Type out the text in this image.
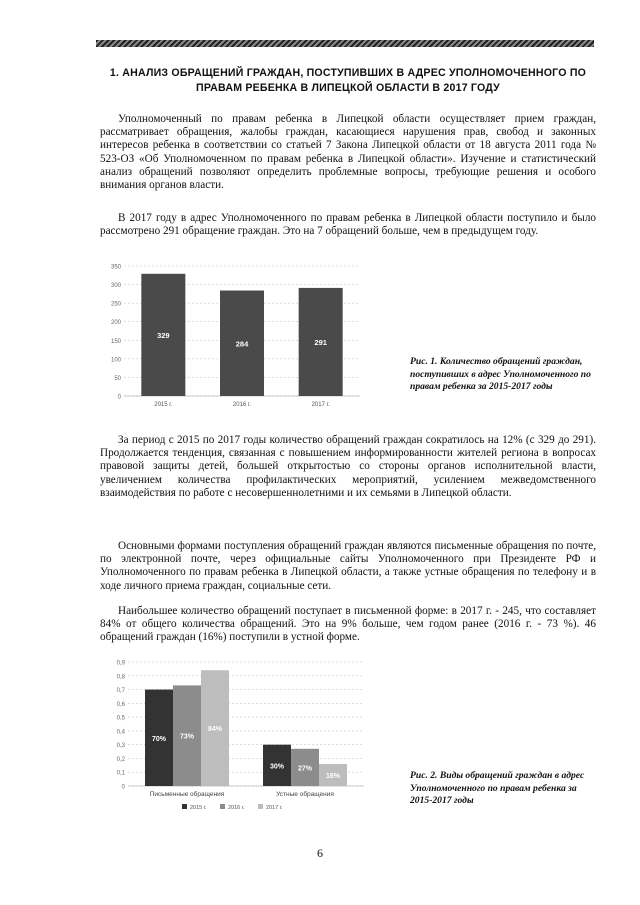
1. АНАЛИЗ ОБРАЩЕНИЙ ГРАЖДАН, ПОСТУПИВШИХ В АДРЕС УПОЛНОМОЧЕННОГО ПО ПРАВАМ РЕБЕНКА В ЛИПЕЦКОЙ ОБЛАСТИ В 2017 ГОДУ

Уполномоченный по правам ребенка в Липецкой области осуществляет прием граждан, рассматривает обращения, жалобы граждан, касающиеся нарушения прав, свобод и законных интересов ребенка в соответствии со статьей 7 Закона Липецкой области от 18 августа 2011 года № 523-ОЗ «Об Уполномоченном по правам ребенка в Липецкой области». Изучение и статистический анализ обращений позволяют определить проблемные вопросы, требующие решения и особого внимания органов власти.

В 2017 году в адрес Уполномоченного по правам ребенка в Липецкой области поступило и было рассмотрено 291 обращение граждан. Это на 7 обращений больше, чем в предыдущем году.

0
50
100
150
200
250
300
350
329
2015 г.
284
2016 г.
291
2017 г.
Рис. 1. Количество обращений граждан, поступивших в адрес Уполномоченного по правам ребенка за 2015-2017 годы

За период с 2015 по 2017 годы количество обращений граждан сократилось на 12% (с 329 до 291). Продолжается тенденция, связанная с повышением информированности жителей региона в вопросах правовой защиты детей, большей открытостью со стороны органов исполнительной власти, увеличением количества профилактических мероприятий, усилением межведомственного взаимодействия по работе с несовершеннолетними и их семьями в Липецкой области.

Основными формами поступления обращений граждан являются письменные обращения по почте, по электронной почте, через официальные сайты Уполномоченного при Президенте РФ и Уполномоченного по правам ребенка в Липецкой области, а также устные обращения по телефону и в ходе личного приема граждан, социальные сети.

Наибольшее количество обращений поступает в письменной форме: в 2017 г. - 245, что составляет 84% от общего количества обращений. Это на 9% больше, чем годом ранее (2016 г. - 73 %). 46 обращений граждан (16%) поступили в устной форме.

0
0,1
0,2
0,3
0,4
0,5
0,6
0,7
0,8
0,9
70% 73%
84%
Письменные обращения
30% 27%
16%
Устные обращения
2015 г.	2016 г.	2017 г.
Рис. 2. Виды обращений граждан в адрес Уполномоченного по правам ребенка за 2015-2017 годы
6
